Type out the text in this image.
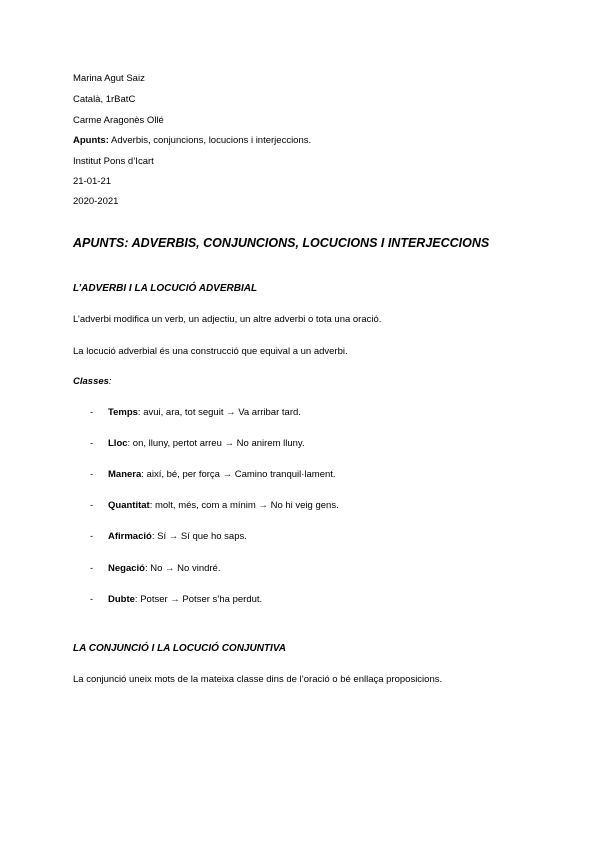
Marina Agut Saiz
Català, 1rBatC
Carme Aragonès Ollé
Apunts: Adverbis, conjuncions, locucions i interjeccions.
Institut Pons d’Icart
21-01-21
2020-2021
APUNTS: ADVERBIS, CONJUNCIONS, LOCUCIONS I INTERJECCIONS
L’ADVERBI I LA LOCUCIÓ ADVERBIAL
L’adverbi modifica un verb, un adjectiu, un altre adverbi o tota una oració.
La locució adverbial és una construcció que equival a un adverbi.
Classes:
- Temps: avui, ara, tot seguit → Va arribar tard.
- Lloc: on, lluny, pertot arreu → No anirem lluny.
- Manera: així, bé, per força → Camino tranquil·lament.
- Quantitat: molt, més, com a mínim → No hi veig gens.
- Afirmació: Sí → Sí que ho saps.
- Negació: No → No vindré.
- Dubte: Potser → Potser s’ha perdut.
LA CONJUNCIÓ I LA LOCUCIÓ CONJUNTIVA
La conjunció uneix mots de la mateixa classe dins de l’oració o bé enllaça proposicions.
